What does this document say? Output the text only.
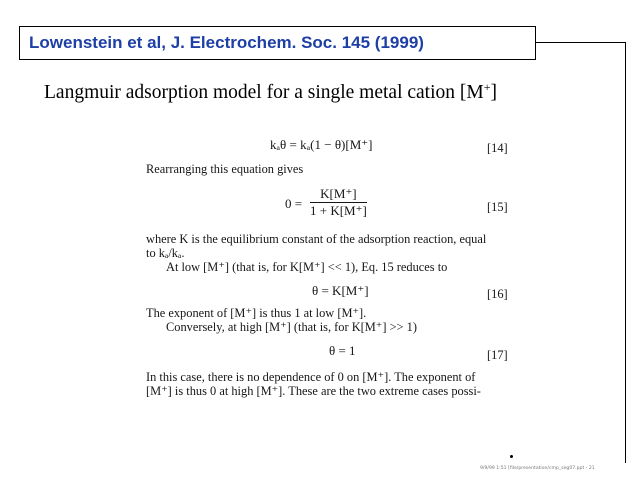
Lowenstein et al, J. Electrochem. Soc. 145 (1999)
Langmuir adsorption model for a single metal cation [M+]
kₐθ = kₐ(1 − θ)[M⁺]	[14]
Rearranging this equation gives
$0 = \frac{K[M^+]}{1 + K[M^+]}$	[15]
where K is the equilibrium constant of the adsorption reaction, equal
to kₐ/kₐ.
At low [M⁺] (that is, for K[M⁺] << 1), Eq. 15 reduces to
θ = K[M⁺]	[16]
The exponent of [M⁺] is thus 1 at low [M⁺].
Conversely, at high [M⁺] (that is, for K[M⁺] >> 1)
θ = 1	[17]
In this case, there is no dependence of 0 on [M⁺]. The exponent of
[M⁺] is thus 0 at high [M⁺]. These are the two extreme cases possi-
9/9/99 1:51 [file/presentation/cmp_seg07.ppt - 21
